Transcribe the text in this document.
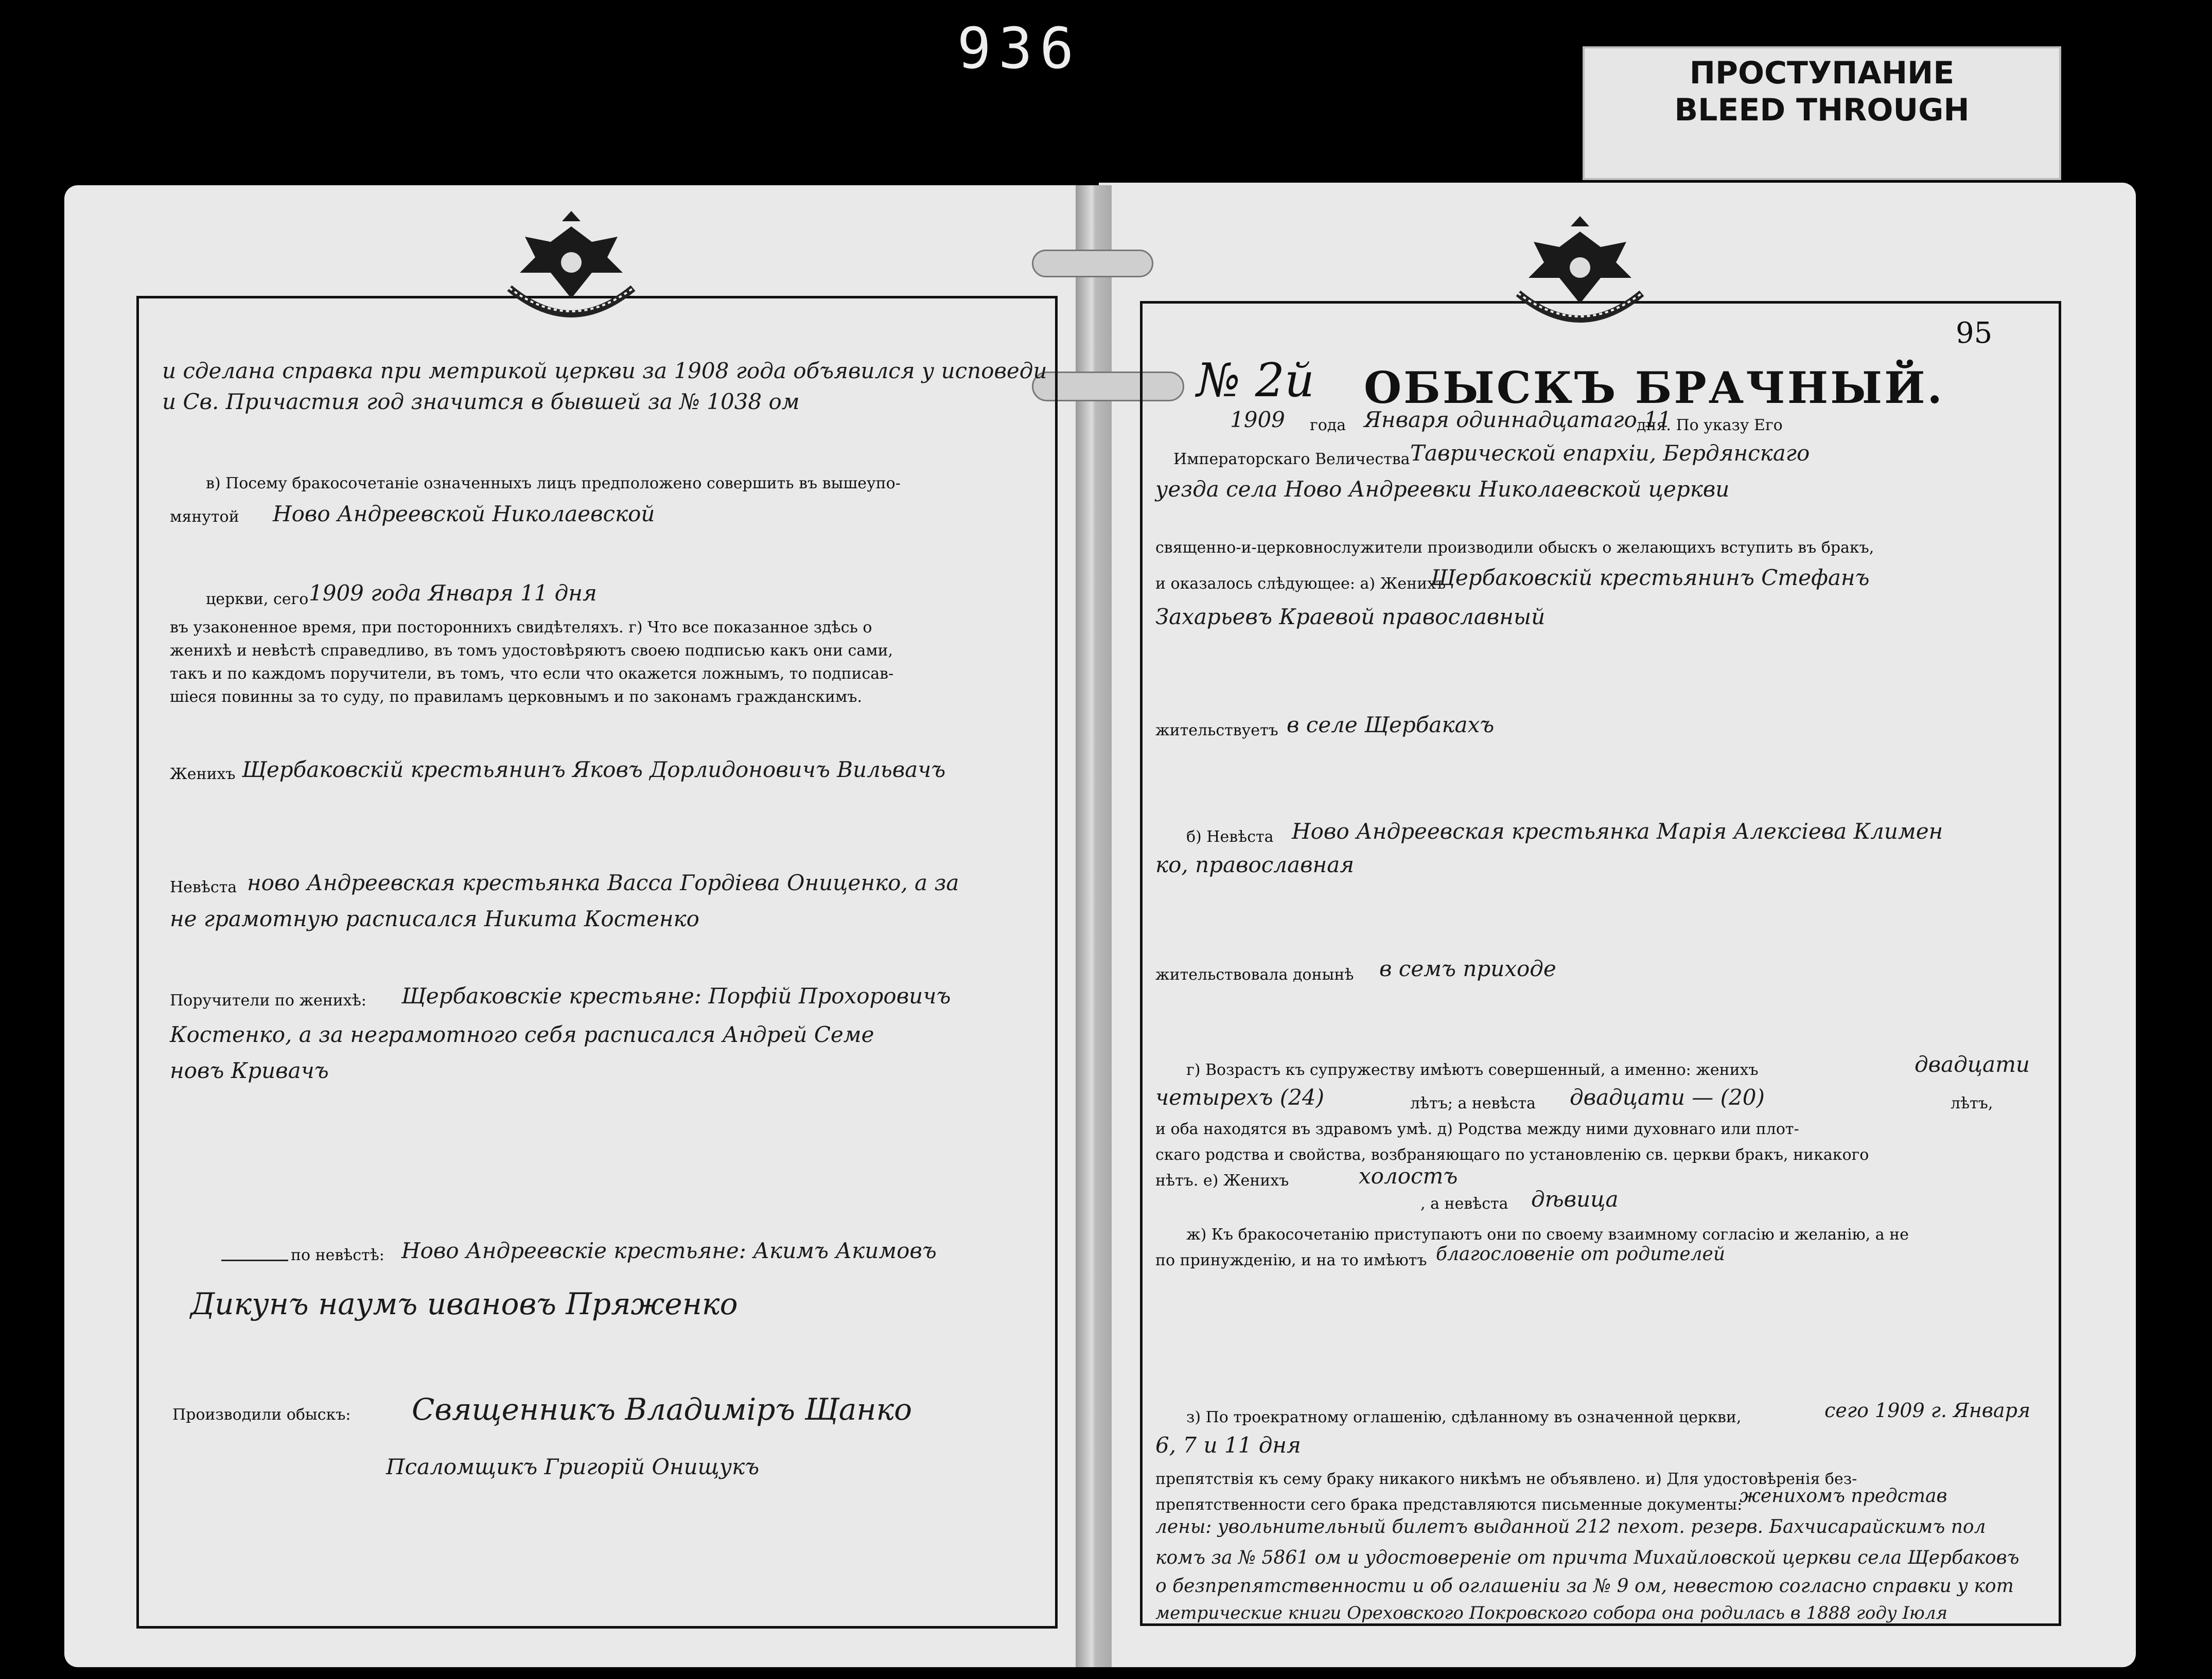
936	ПРОСТУПАНИЕ
BLEED THROUGH
и сделана справка при метрикой церкви за 1908 года объявился у исповеди
и Св. Причастия год значится в бывшей за № 1038 ом
в) Посему бракосочетаніе означенныхъ лицъ предположено совершить въ вышеупо-
мянутой Ново Андреевской Николаевской
церкви, сего 1909 года Января 11 дня
въ узаконенное время, при постороннихъ свидѣтеляхъ. г) Что все показанное здѣсь о
женихѣ и невѣстѣ справедливо, въ томъ удостовѣряютъ своею подписью какъ они сами,
такъ и по каждомъ поручители, въ томъ, что если что окажется ложнымъ, то подписав-
шіеся повинны за то суду, по правиламъ церковнымъ и по законамъ гражданскимъ.
Женихъ Щербаковскій крестьянинъ Яковъ Дорлидоновичъ Вильвачъ
Невѣста ново Андреевская крестьянка Васса Гордіева Ониценко, а за
не грамотную расписался Никита Костенко
Поручители по женихѣ: Щербаковскіе крестьяне: Порфій Прохоровичъ
Костенко, а за неграмотного себя расписался Андрей Семе
новъ Кривачъ
по невѣстѣ: Ново Андреевскіе крестьяне: Акимъ Акимовъ
Дикунъ наумъ ивановъ Пряженко
Производили обыскъ: Священникъ Владиміръ Щанко
Псаломщикъ Григорій Онищукъ
95
№ 2й ОБЫСКЪ БРАЧНЫЙ.
1909 года Января одиннадцатаго 11
дня. По указу Его
Императорскаго Величества Таврической епархіи, Бердянскаго
уезда села Ново Андреевки Николаевской церкви
священно-и-церковнослужители производили обыскъ о желающихъ вступить въ бракъ,
и оказалось слѣдующее: а) Женихъ
Щербаковскій крестьянинъ Стефанъ
Захарьевъ Краевой православный
жительствуетъ в селе Щербакахъ
б) Невѣста Ново Андреевская крестьянка Марія Алексіева Климен
ко, православная
жительствовала донынѣ в семъ приходе
г) Возрастъ къ супружеству имѣютъ совершенный, а именно: женихъ	двадцати
четырехъ (24)	лѣтъ; а невѣста двадцати — (20)	лѣтъ,
и оба находятся въ здравомъ умѣ. д) Родства между ними духовнаго или плот-
скаго родства и свойства, возбраняющаго по установленію св. церкви бракъ, никакого
нѣтъ. е) Женихъ	холостъ
, а невѣста дѣвица
ж) Къ бракосочетанію приступаютъ они по своему взаимному согласію и желанію, а не
по принужденію, и на то имѣютъ благословеніе от родителей
з) По троекратному оглашенію, сдѣланному въ означенной церкви,	сего 1909 г. Января
6, 7 и 11 дня
препятствія къ сему браку никакого никѣмъ не объявлено. и) Для удостовѣренія без-
препятственности сего брака представляются письменные документы:
женихомъ представ
лены: увольнительный билетъ выданной 212 пехот. резерв. Бахчисарайскимъ пол
комъ за № 5861 ом и удостовереніе от причта Михайловской церкви села Щербаковъ
о безпрепятственности и об оглашеніи за № 9 ом, невестою согласно справки у кот
метрические книги Ореховского Покровского собора она родилась в 1888 году Іюля
